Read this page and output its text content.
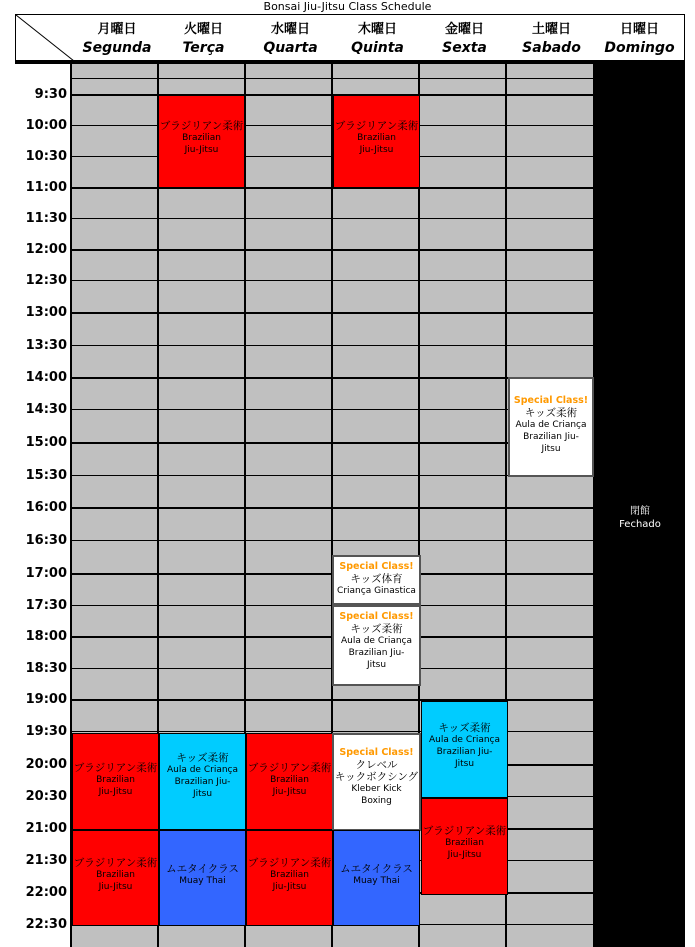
Bonsai Jiu-Jitsu Class Schedule
月曜日
Segunda
火曜日
Terça
水曜日
Quarta
木曜日
Quinta
金曜日
Sexta
土曜日
Sabado
日曜日
Domingo
9:30
10:00
10:30
11:00
11:30
12:00
12:30
13:00
13:30
14:00
14:30
15:00
15:30
16:00
16:30
17:00
17:30
18:00
18:30
19:00
19:30
20:00
20:30
21:00
21:30
22:00
22:30
閉館
Fechado
ブラジリアン柔術
Brazilian
Jiu-Jitsu
ブラジリアン柔術
Brazilian
Jiu-Jitsu
Special Class!
キッズ柔術
Aula de Criança
Brazilian Jiu-
Jitsu
Special Class!
キッズ体育
Criança Ginastica
Special Class!
キッズ柔術
Aula de Criança
Brazilian Jiu-
Jitsu
キッズ柔術
Aula de Criança
Brazilian Jiu-
Jitsu
ブラジリアン柔術
Brazilian
Jiu-Jitsu
キッズ柔術
Aula de Criança
Brazilian Jiu-
Jitsu
ブラジリアン柔術
Brazilian
Jiu-Jitsu
Special Class!
クレベル
キックボクシング
Kleber Kick
Boxing
ブラジリアン柔術
Brazilian
Jiu-Jitsu
ブラジリアン柔術
Brazilian
Jiu-Jitsu
ムエタイクラス
Muay Thai
ブラジリアン柔術
Brazilian
Jiu-Jitsu
ムエタイクラス
Muay Thai
